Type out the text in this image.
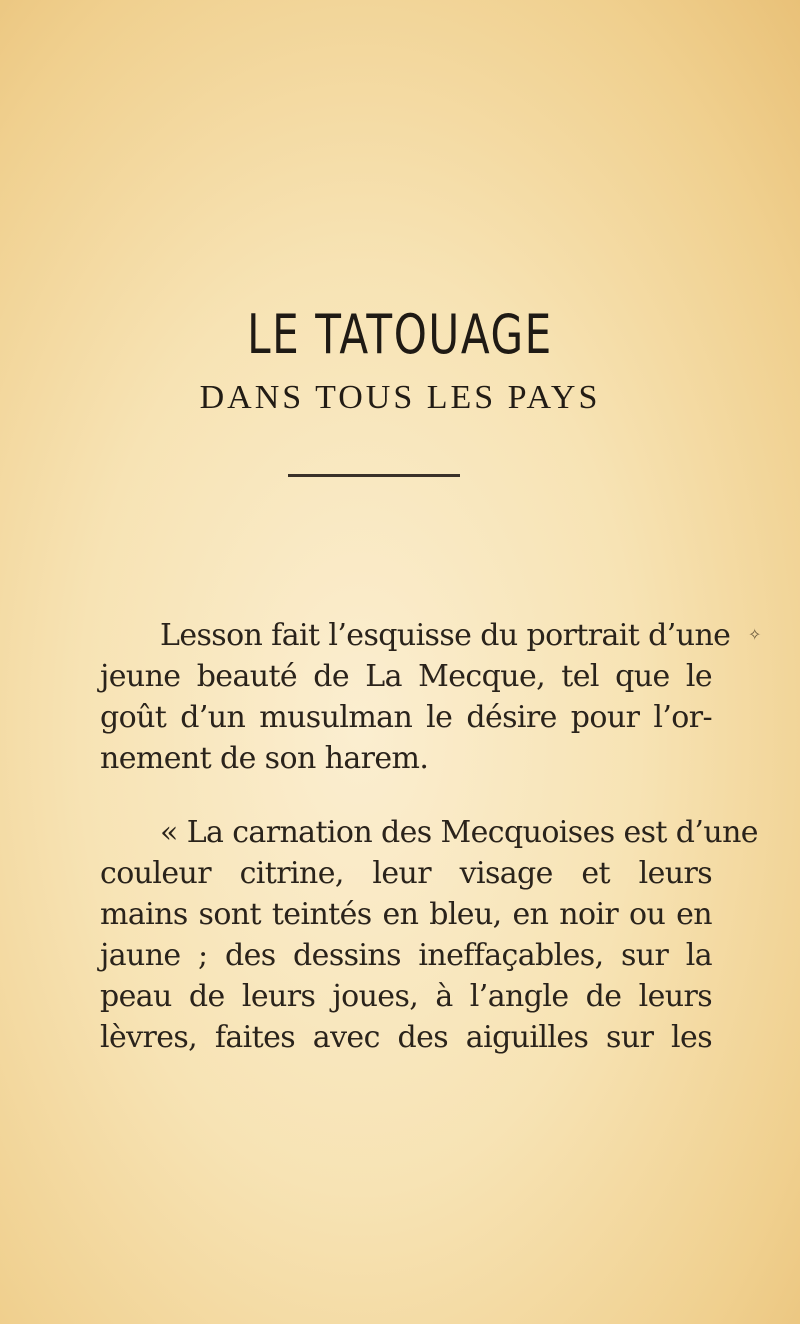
LE TATOUAGE
DANS TOUS LES PAYS
Lesson fait l’esquisse du portrait d’une
jeune beauté de La Mecque, tel que le
goût d’un musulman le désire pour l’or-
nement de son harem.
« La carnation des Mecquoises est d’une
couleur citrine, leur visage et leurs
mains sont teintés en bleu, en noir ou en
jaune ; des dessins ineffaçables, sur la
peau de leurs joues, à l’angle de leurs
lèvres, faites avec des aiguilles sur les
✧
